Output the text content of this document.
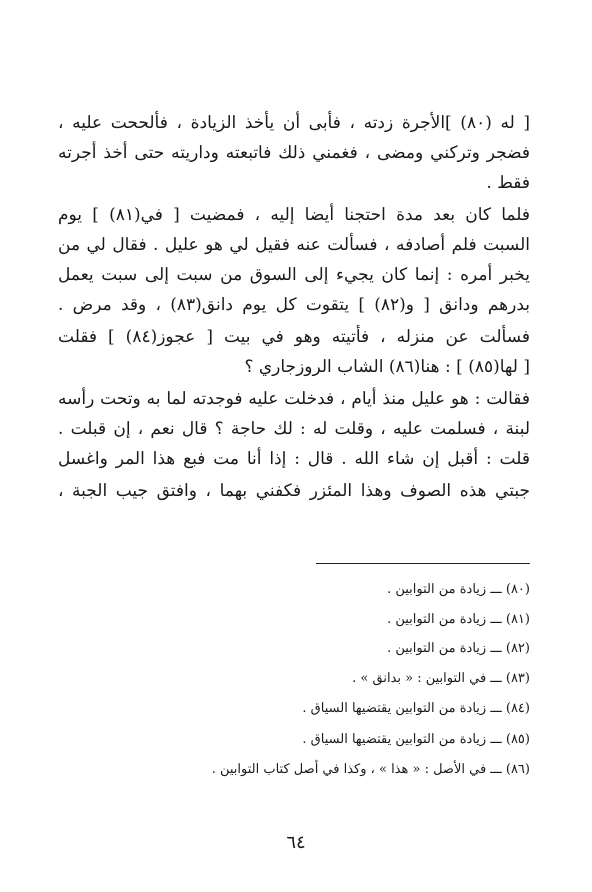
[ له (٨٠) ]الأجرة زدته ، فأبى أن يأخذ الزيادة ، فألححت عليه ،
فضجر وتركني ومضى ، فغمني ذلك فاتبعته وداريته حتى أخذ أجرته
فقط .
فلما كان بعد مدة احتجنا أيضا إليه ، فمضيت [ في(٨١) ] يوم
السبت فلم أصادفه ، فسألت عنه فقيل لي هو عليل . فقال لي من
يخبر أمره : إنما كان يجيء إلى السوق من سبت إلى سبت يعمل
بدرهم ودانق [ و(٨٢) ] يتقوت كل يوم دانق(٨٣) ، وقد مرض .
فسألت عن منزله ، فأتيته وهو في بيت [ عجوز(٨٤) ] فقلت
[ لها(٨٥) ] : هنا(٨٦) الشاب الروزجاري ؟
فقالت : هو عليل منذ أيام ، فدخلت عليه فوجدته لما به وتحت رأسه
لبنة ، فسلمت عليه ، وقلت له : لك حاجة ؟ قال نعم ، إن قبلت .
قلت : أقبل إن شاء الله . قال : إذا أنا مت فبع هذا المر واغسل
جبتي هذه الصوف وهذا المئزر فكفني بهما ، وافتق جيب الجبة ،
(٨٠) ـــ زيادة من التوابين .
(٨١) ـــ زيادة من التوابين .
(٨٢) ـــ زيادة من التوابين .
(٨٣) ـــ في التوابين : « بدانق » .
(٨٤) ـــ زيادة من التوابين يقتضيها السياق .
(٨٥) ـــ زيادة من التوابين يقتضيها السياق .
(٨٦) ـــ في الأصل : « هذا » ، وكذا في أصل كتاب التوابين .
٦٤
